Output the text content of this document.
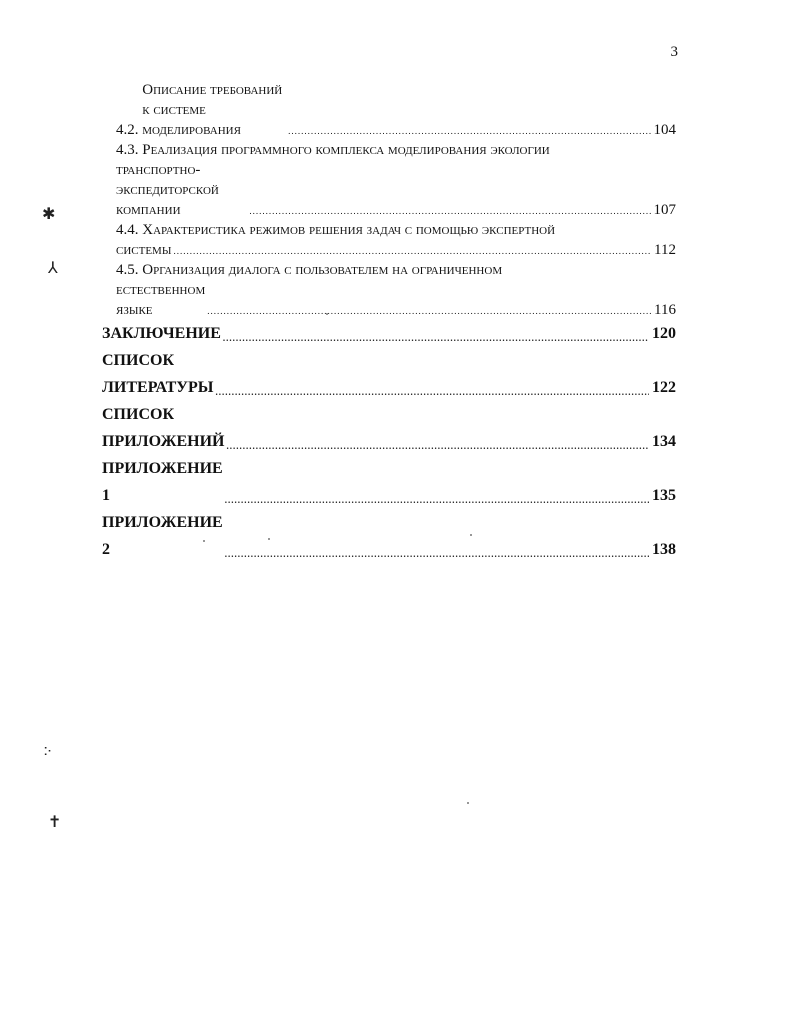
3
4.2.

Описание требований к системе моделирования .....	104
4.3.
Реализация программного комплекса моделирования экологии
транспортно-экспедиторской компании .....	107
4.4.
Характеристика режимов решения задач с помощью экспертной
системы .....	112
4.5.
Организация диалога с пользователем на ограниченном
естественном языке .....	116
ЗАКЛЮЧЕНИЕ .....	120
СПИСОК ЛИТЕРАТУРЫ .....	122
СПИСОК ПРИЛОЖЕНИЙ .....	134
ПРИЛОЖЕНИЕ 1 .....	135
ПРИЛОЖЕНИЕ 2 .....	138
✱
⅄
჻
✝
